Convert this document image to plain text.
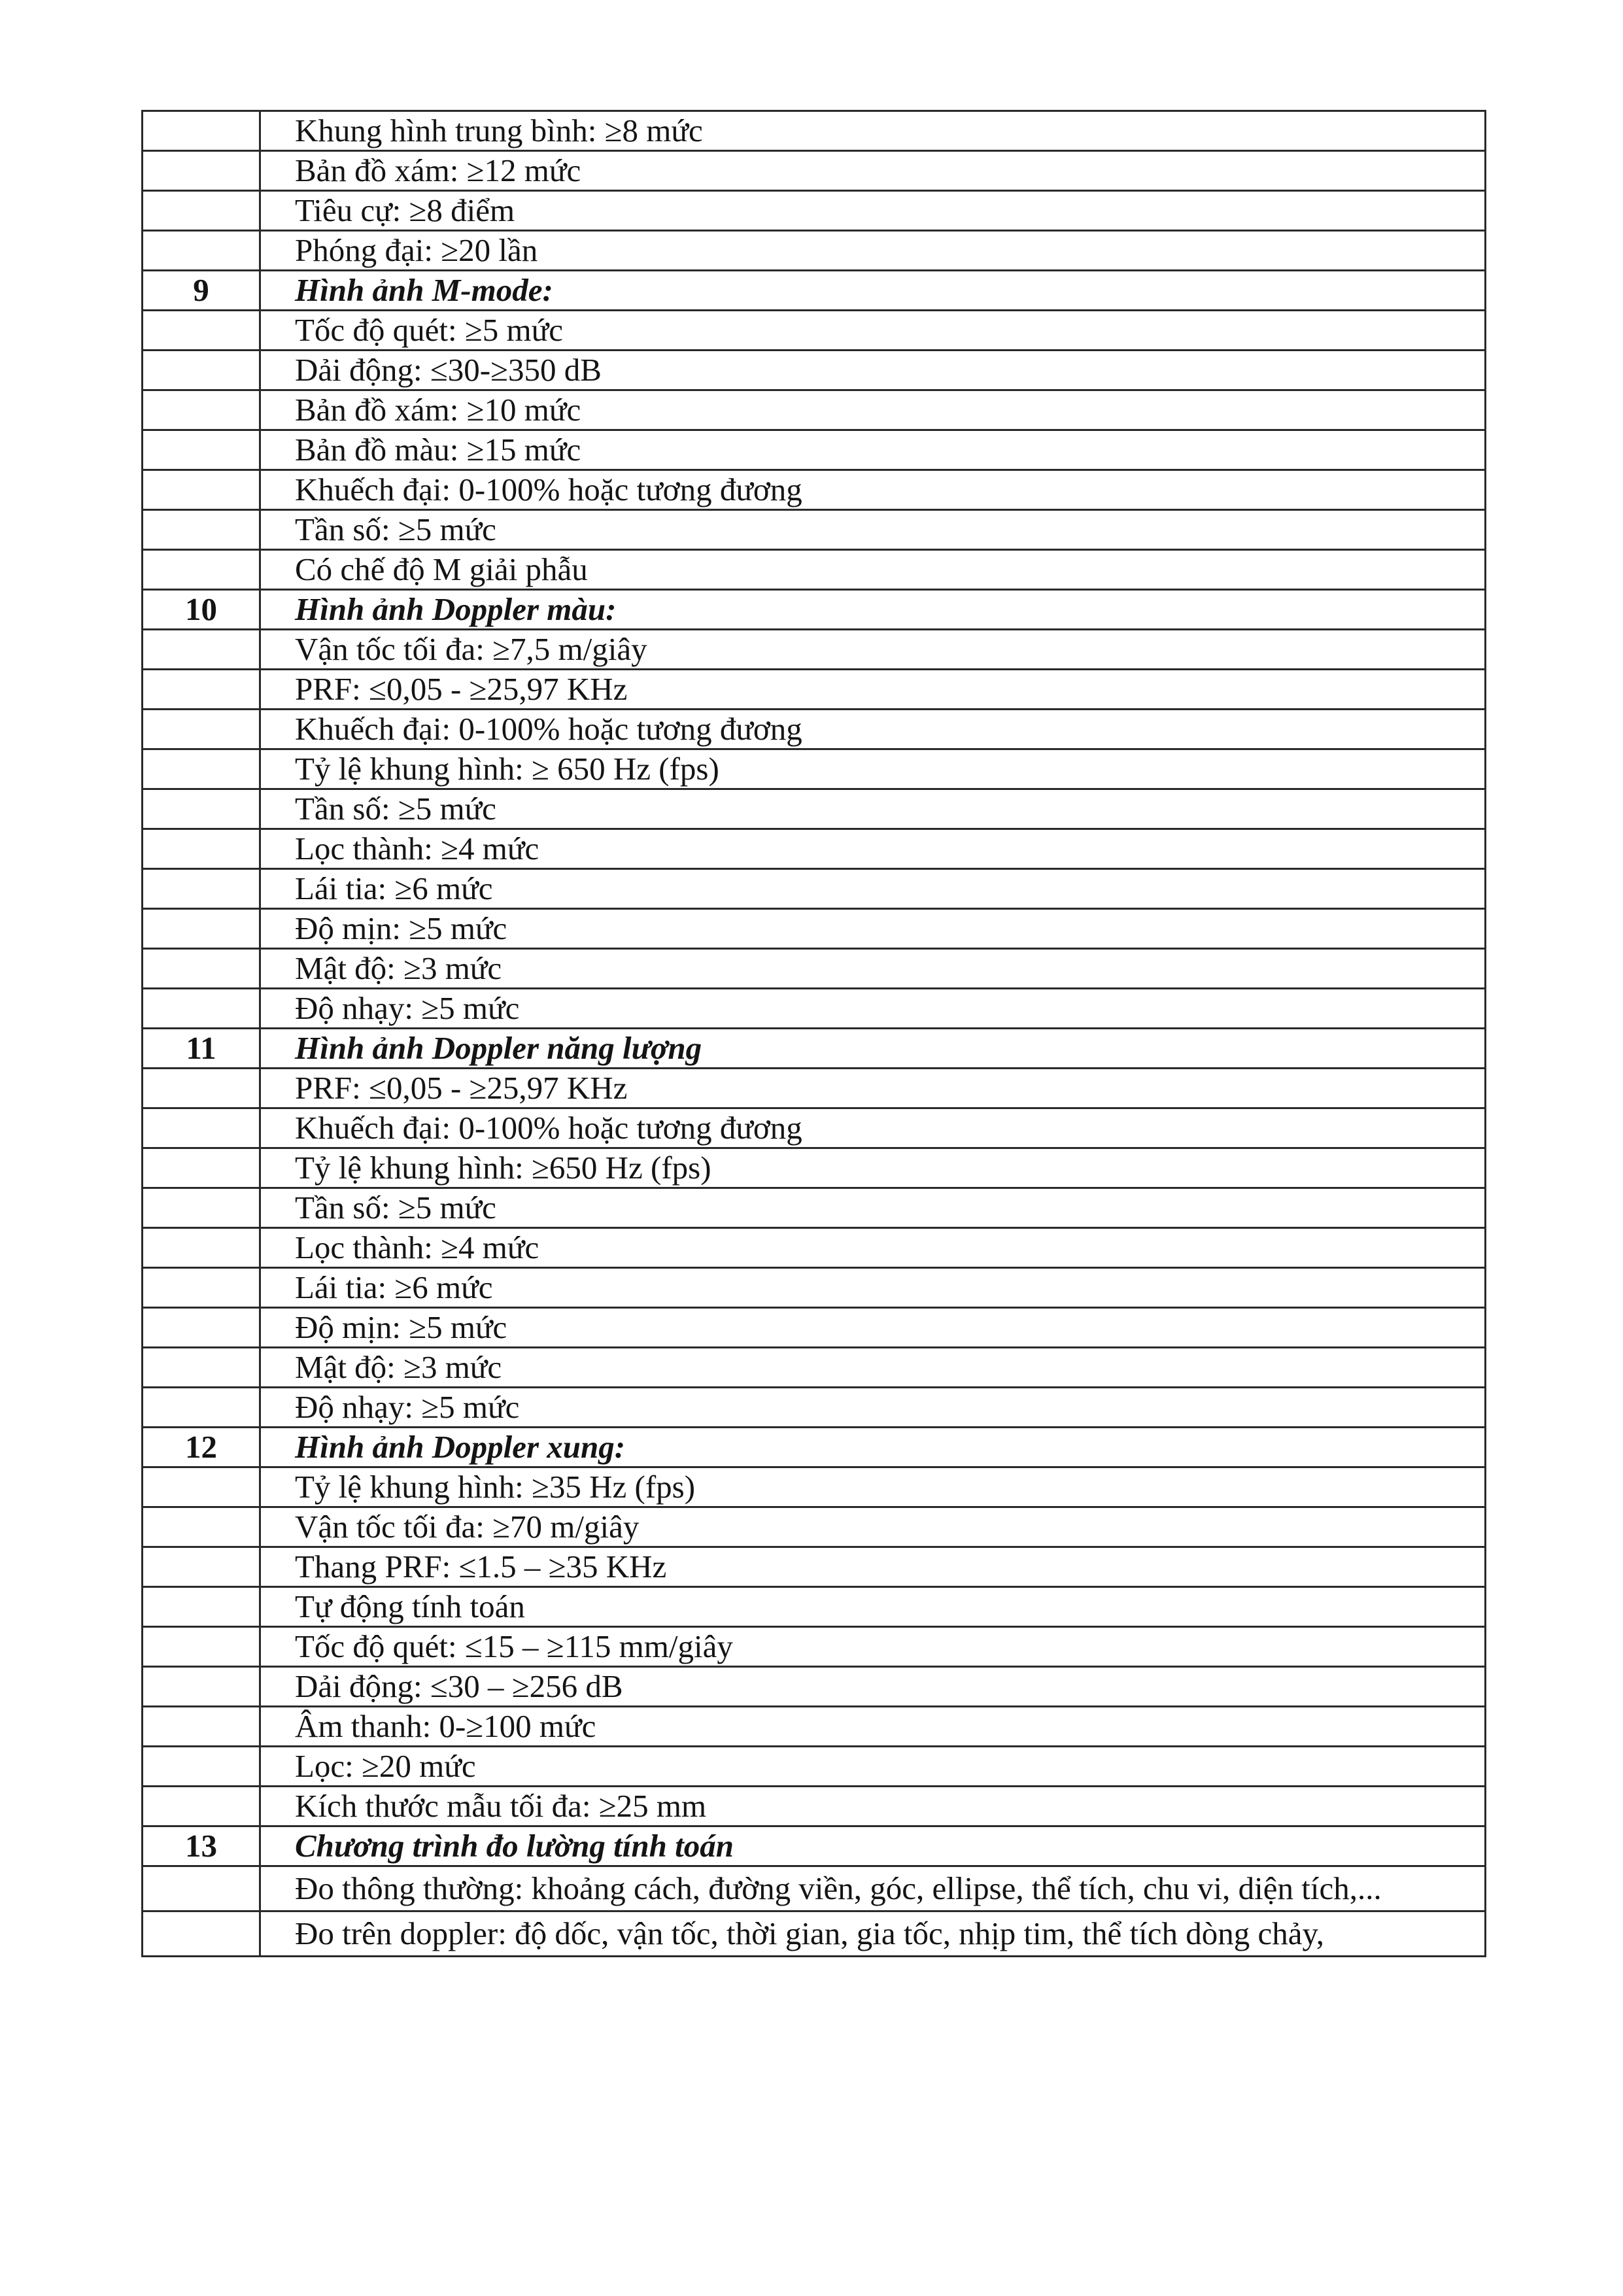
	Khung hình trung bình: ≥8 mức
	Bản đồ xám: ≥12 mức
	Tiêu cự: ≥8 điểm
	Phóng đại: ≥20 lần
9	Hình ảnh M-mode:
	Tốc độ quét: ≥5 mức
	Dải động: ≤30-≥350 dB
	Bản đồ xám: ≥10 mức
	Bản đồ màu: ≥15 mức
	Khuếch đại: 0-100% hoặc tương đương
	Tần số: ≥5 mức
	Có chế độ M giải phẫu
10	Hình ảnh Doppler màu:
	Vận tốc tối đa: ≥7,5 m/giây
	PRF: ≤0,05 - ≥25,97 KHz
	Khuếch đại: 0-100% hoặc tương đương
	Tỷ lệ khung hình: ≥ 650 Hz (fps)
	Tần số: ≥5 mức
	Lọc thành: ≥4 mức
	Lái tia: ≥6 mức
	Độ mịn: ≥5 mức
	Mật độ: ≥3 mức
	Độ nhạy: ≥5 mức
11	Hình ảnh Doppler năng lượng
	PRF: ≤0,05 - ≥25,97 KHz
	Khuếch đại: 0-100% hoặc tương đương
	Tỷ lệ khung hình: ≥650 Hz (fps)
	Tần số: ≥5 mức
	Lọc thành: ≥4 mức
	Lái tia: ≥6 mức
	Độ mịn: ≥5 mức
	Mật độ: ≥3 mức
	Độ nhạy: ≥5 mức
12	Hình ảnh Doppler xung:
	Tỷ lệ khung hình: ≥35 Hz (fps)
	Vận tốc tối đa: ≥70 m/giây
	Thang PRF: ≤1.5 – ≥35 KHz
	Tự động tính toán
	Tốc độ quét: ≤15 – ≥115 mm/giây
	Dải động: ≤30 – ≥256 dB
	Âm thanh: 0-≥100 mức
	Lọc: ≥20 mức
	Kích thước mẫu tối đa: ≥25 mm
13	Chương trình đo lường tính toán
	Đo thông thường: khoảng cách, đường viền, góc, ellipse, thể tích, chu vi, diện tích,...
	Đo trên doppler: độ dốc, vận tốc, thời gian, gia tốc, nhịp tim, thể tích dòng chảy,
